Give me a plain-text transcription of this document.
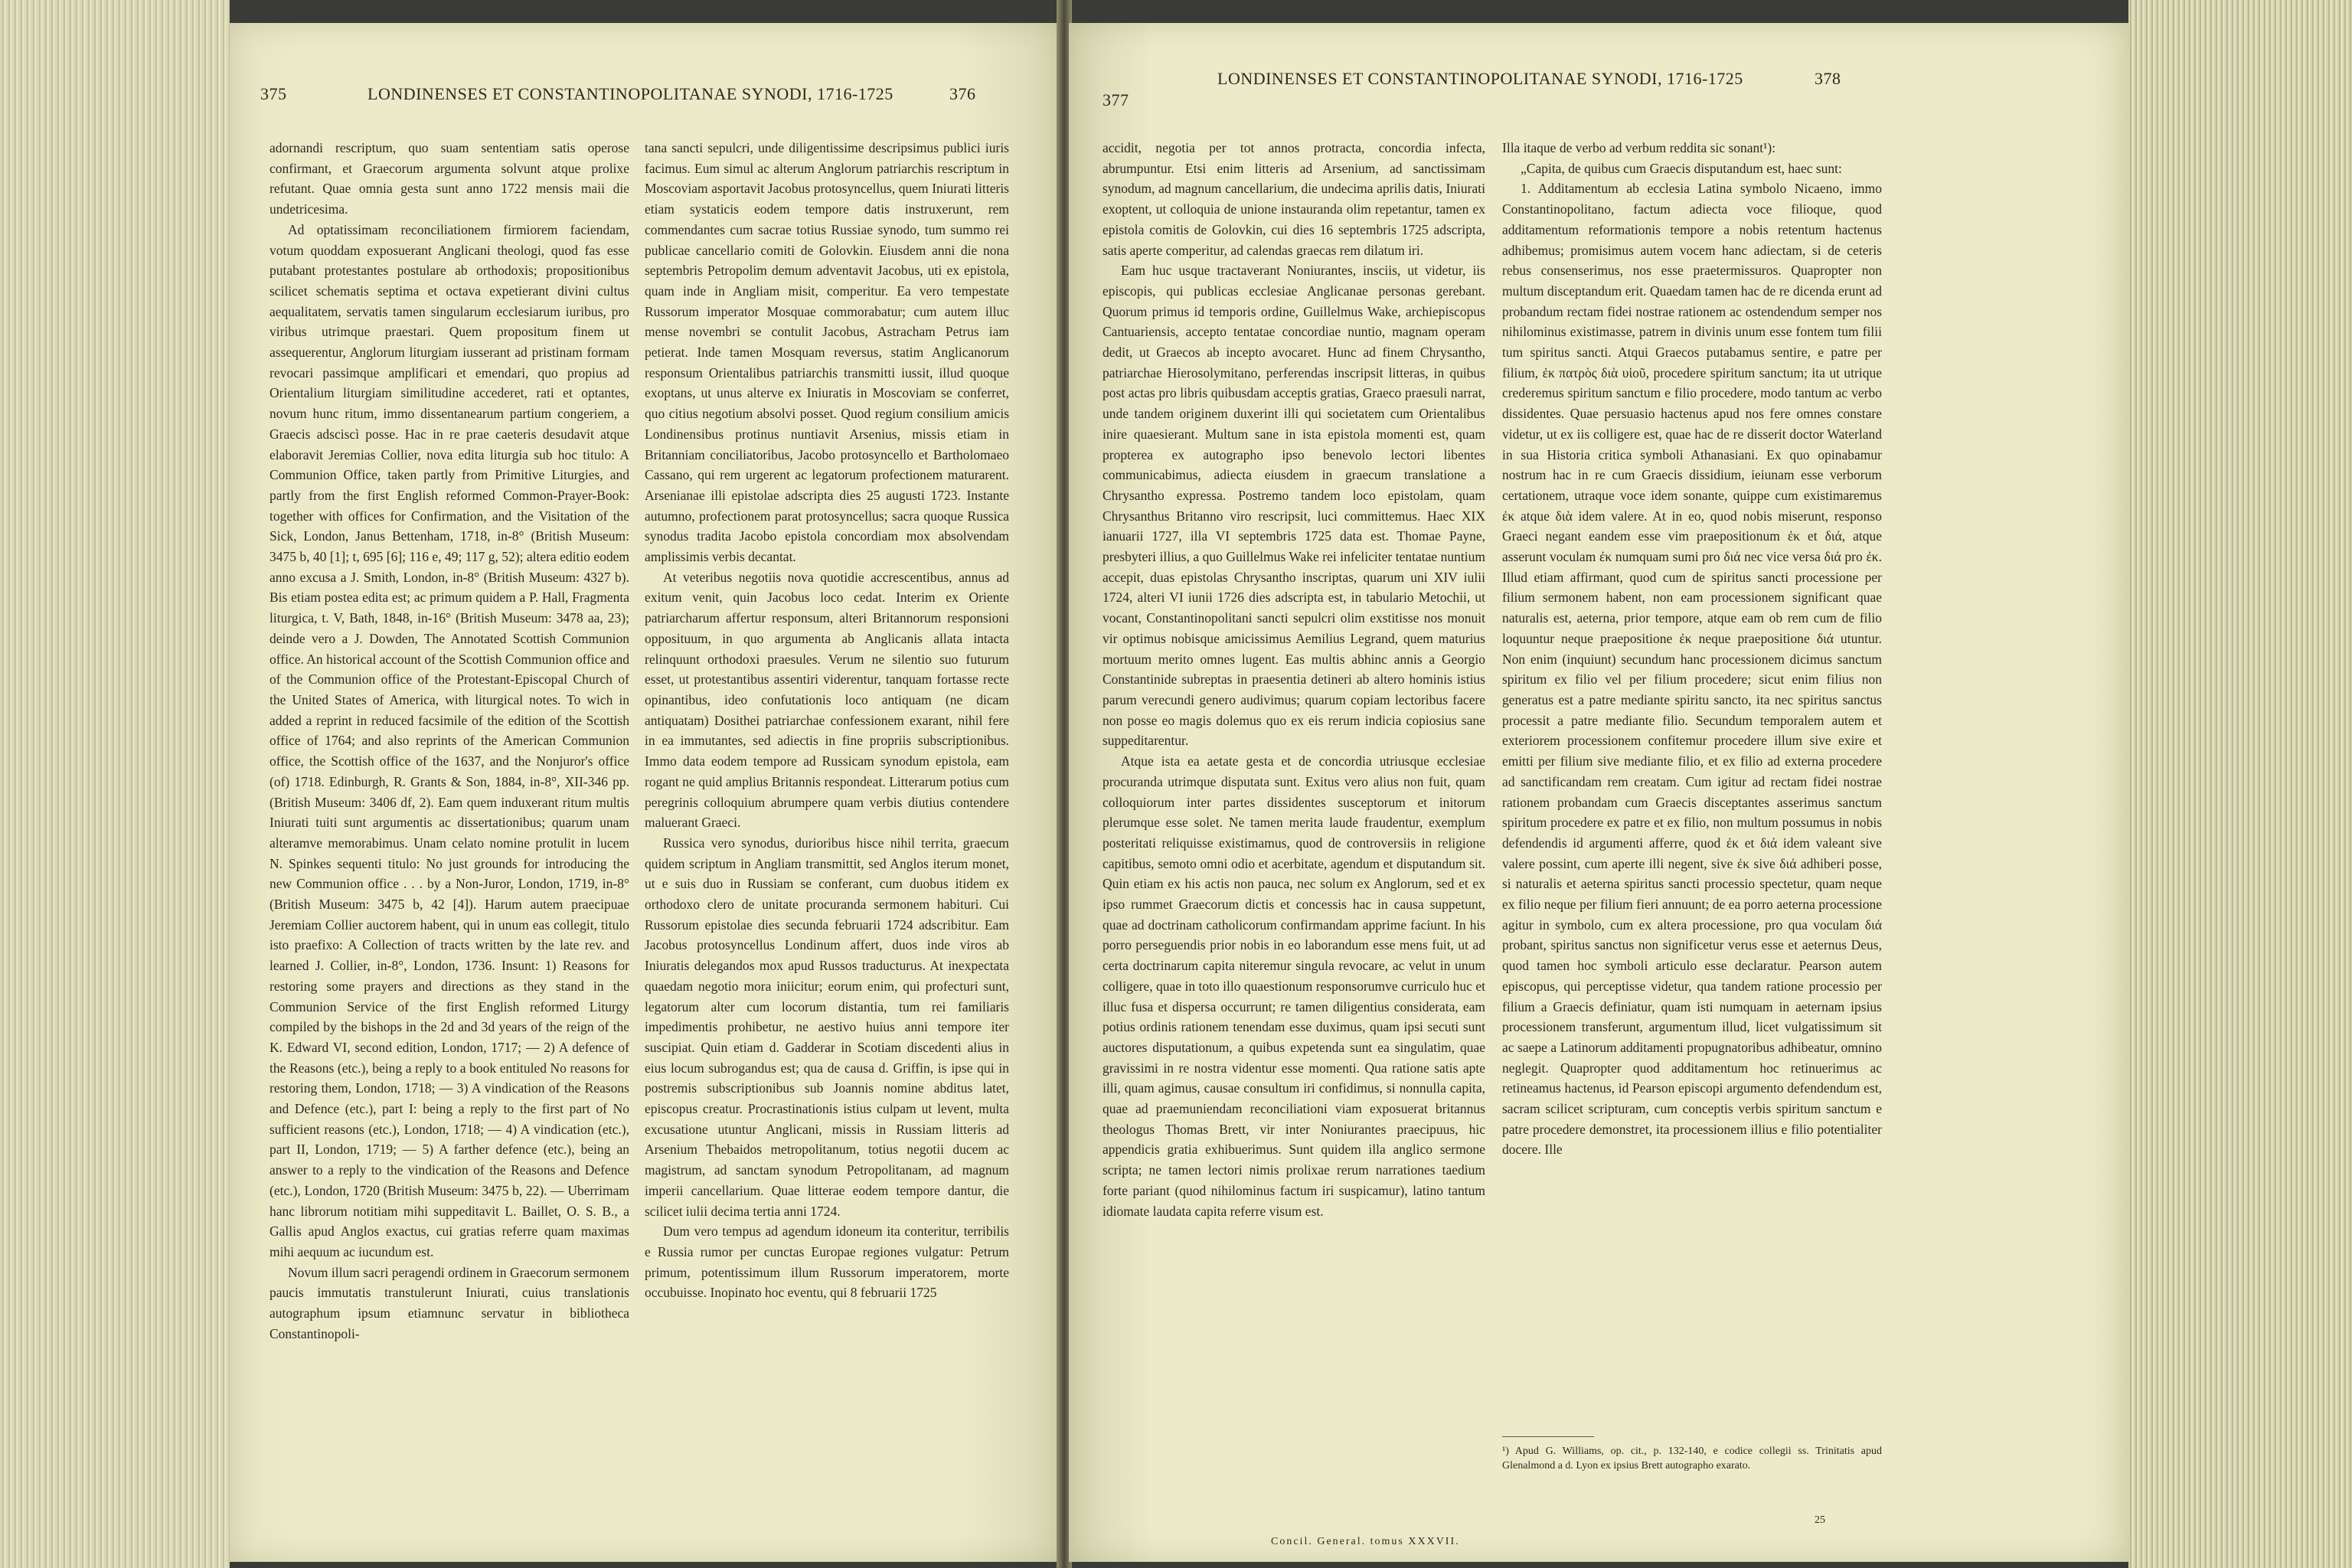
375	LONDINENSES ET CONSTANTINOPOLITANAE SYNODI, 1716-1725	376

adornandi rescriptum, quo suam sententiam satis operose confirmant, et Graecorum argumenta solvunt atque prolixe refutant. Quae omnia gesta sunt anno 1722 mensis maii die undetricesima.

Ad optatissimam reconciliationem firmiorem faciendam, votum quoddam exposuerant Anglicani theologi, quod fas esse putabant protestantes postulare ab orthodoxis; propositionibus scilicet schematis septima et octava expetierant divini cultus aequalitatem, servatis tamen singularum ecclesiarum iuribus, pro viribus utrimque praestari. Quem propositum finem ut assequerentur, Anglorum liturgiam iusserant ad pristinam formam revocari passimque amplificari et emendari, quo propius ad Orientalium liturgiam similitudine accederet, rati et optantes, novum hunc ritum, immo dissentanearum partium congeriem, a Graecis adsciscì posse. Hac in re prae caeteris desudavit atque elaboravit Jeremias Collier, nova edita liturgia sub hoc titulo: A Communion Office, taken partly from Primitive Liturgies, and partly from the first English reformed Common-Prayer-Book: together with offices for Confirmation, and the Visitation of the Sick, London, Janus Bettenham, 1718, in-8° (British Museum: 3475 b, 40 [1]; t, 695 [6]; 116 e, 49; 117 g, 52); altera editio eodem anno excusa a J. Smith, London, in-8° (British Museum: 4327 b). Bis etiam postea edita est; ac primum quidem a P. Hall, Fragmenta liturgica, t. V, Bath, 1848, in-16° (British Museum: 3478 aa, 23); deinde vero a J. Dowden, The Annotated Scottish Communion office. An historical account of the Scottish Communion office and of the Communion office of the Protestant-Episcopal Church of the United States of America, with liturgical notes. To wich in added a reprint in reduced facsimile of the edition of the Scottish office of 1764; and also reprints of the American Communion office, the Scottish office of the 1637, and the Nonjuror's office (of) 1718. Edinburgh, R. Grants & Son, 1884, in-8°, XII-346 pp. (British Museum: 3406 df, 2). Eam quem induxerant ritum multis Iniurati tuiti sunt argumentis ac dissertationibus; quarum unam alteramve memorabimus. Unam celato nomine protulit in lucem N. Spinkes sequenti titulo: No just grounds for introducing the new Communion office . . . by a Non-Juror, London, 1719, in-8° (British Museum: 3475 b, 42 [4]). Harum autem praecipuae Jeremiam Collier auctorem habent, qui in unum eas collegit, titulo isto praefixo: A Collection of tracts written by the late rev. and learned J. Collier, in-8°, London, 1736. Insunt: 1) Reasons for restoring some prayers and directions as they stand in the Communion Service of the first English reformed Liturgy compiled by the bishops in the 2d and 3d years of the reign of the K. Edward VI, second edition, London, 1717; — 2) A defence of the Reasons (etc.), being a reply to a book entituled No reasons for restoring them, London, 1718; — 3) A vindication of the Reasons and Defence (etc.), part I: being a reply to the first part of No sufficient reasons (etc.), London, 1718; — 4) A vindication (etc.), part II, London, 1719; — 5) A farther defence (etc.), being an answer to a reply to the vindication of the Reasons and Defence (etc.), London, 1720 (British Museum: 3475 b, 22). — Uberrimam hanc librorum notitiam mihi suppeditavit L. Baillet, O. S. B., a Gallis apud Anglos exactus, cui gratias referre quam maximas mihi aequum ac iucundum est.

Novum illum sacri peragendi ordinem in Graecorum sermonem paucis immutatis transtulerunt Iniurati, cuius translationis autographum ipsum etiamnunc servatur in bibliotheca Constantinopoli-

tana sancti sepulcri, unde diligentissime descripsimus publici iuris facimus. Eum simul ac alterum Anglorum patriarchis rescriptum in Moscoviam asportavit Jacobus protosyncellus, quem Iniurati litteris etiam systaticis eodem tempore datis instruxerunt, rem commendantes cum sacrae totius Russiae synodo, tum summo rei publicae cancellario comiti de Golovkin. Eiusdem anni die nona septembris Petropolim demum adventavit Jacobus, uti ex epistola, quam inde in Angliam misit, comperitur. Ea vero tempestate Russorum imperator Mosquae commorabatur; cum autem illuc mense novembri se contulit Jacobus, Astracham Petrus iam petierat. Inde tamen Mosquam reversus, statim Anglicanorum responsum Orientalibus patriarchis transmitti iussit, illud quoque exoptans, ut unus alterve ex Iniuratis in Moscoviam se conferret, quo citius negotium absolvi posset. Quod regium consilium amicis Londinensibus protinus nuntiavit Arsenius, missis etiam in Britanniam conciliatoribus, Jacobo protosyncello et Bartholomaeo Cassano, qui rem urgerent ac legatorum profectionem maturarent. Arsenianae illi epistolae adscripta dies 25 augusti 1723. Instante autumno, profectionem parat protosyncellus; sacra quoque Russica synodus tradita Jacobo epistola concordiam mox absolvendam amplissimis verbis decantat.

At veteribus negotiis nova quotidie accrescentibus, annus ad exitum venit, quin Jacobus loco cedat. Interim ex Oriente patriarcharum affertur responsum, alteri Britannorum responsioni opposituum, in quo argumenta ab Anglicanis allata intacta relinquunt orthodoxi praesules. Verum ne silentio suo futurum esset, ut protestantibus assentiri viderentur, tanquam fortasse recte opinantibus, ideo confutationis loco antiquam (ne dicam antiquatam) Dosithei patriarchae confessionem exarant, nihil fere in ea immutantes, sed adiectis in fine propriis subscriptionibus. Immo data eodem tempore ad Russicam synodum epistola, eam rogant ne quid amplius Britannis respondeat. Litterarum potius cum peregrinis colloquium abrumpere quam verbis diutius contendere maluerant Graeci.

Russica vero synodus, durioribus hisce nihil territa, graecum quidem scriptum in Angliam transmittit, sed Anglos iterum monet, ut e suis duo in Russiam se conferant, cum duobus itidem ex orthodoxo clero de unitate procuranda sermonem habituri. Cui Russorum epistolae dies secunda februarii 1724 adscribitur. Eam Jacobus protosyncellus Londinum affert, duos inde viros ab Iniuratis delegandos mox apud Russos traducturus. At inexpectata quaedam negotio mora iniicitur; eorum enim, qui profecturi sunt, legatorum alter cum locorum distantia, tum rei familiaris impedimentis prohibetur, ne aestivo huius anni tempore iter suscipiat. Quin etiam d. Gadderar in Scotiam discedenti alius in eius locum subrogandus est; qua de causa d. Griffin, is ipse qui in postremis subscriptionibus sub Joannis nomine abditus latet, episcopus creatur. Procrastinationis istius culpam ut levent, multa excusatione utuntur Anglicani, missis in Russiam litteris ad Arsenium Thebaidos metropolitanum, totius negotii ducem ac magistrum, ad sanctam synodum Petropolitanam, ad magnum imperii cancellarium. Quae litterae eodem tempore dantur, die scilicet iulii decima tertia anni 1724.

Dum vero tempus ad agendum idoneum ita conteritur, terribilis e Russia rumor per cunctas Europae regiones vulgatur: Petrum primum, potentissimum illum Russorum imperatorem, morte occubuisse. Inopinato hoc eventu, qui 8 februarii 1725

377
LONDINENSES ET CONSTANTINOPOLITANAE SYNODI, 1716-1725	378

accidit, negotia per tot annos protracta, concordia infecta, abrumpuntur. Etsi enim litteris ad Arsenium, ad sanctissimam synodum, ad magnum cancellarium, die undecima aprilis datis, Iniurati exoptent, ut colloquia de unione instauranda olim repetantur, tamen ex epistola comitis de Golovkin, cui dies 16 septembris 1725 adscripta, satis aperte comperitur, ad calendas graecas rem dilatum iri.

Eam huc usque tractaverant Noniurantes, insciis, ut videtur, iis episcopis, qui publicas ecclesiae Anglicanae personas gerebant. Quorum primus id temporis ordine, Guillelmus Wake, archiepiscopus Cantuariensis, accepto tentatae concordiae nuntio, magnam operam dedit, ut Graecos ab incepto avocaret. Hunc ad finem Chrysantho, patriarchae Hierosolymitano, perferendas inscripsit litteras, in quibus post actas pro libris quibusdam acceptis gratias, Graeco praesuli narrat, unde tandem originem duxerint illi qui societatem cum Orientalibus inire quaesierant. Multum sane in ista epistola momenti est, quam propterea ex autographo ipso benevolo lectori libentes communicabimus, adiecta eiusdem in graecum translatione a Chrysantho expressa. Postremo tandem loco epistolam, quam Chrysanthus Britanno viro rescripsit, luci committemus. Haec XIX ianuarii 1727, illa VI septembris 1725 data est. Thomae Payne, presbyteri illius, a quo Guillelmus Wake rei infeliciter tentatae nuntium accepit, duas epistolas Chrysantho inscriptas, quarum uni XIV iulii 1724, alteri VI iunii 1726 dies adscripta est, in tabulario Metochii, ut vocant, Constantinopolitani sancti sepulcri olim exstitisse nos monuit vir optimus nobisque amicissimus Aemilius Legrand, quem maturius mortuum merito omnes lugent. Eas multis abhinc annis a Georgio Constantinide subreptas in praesentia detineri ab altero hominis istius parum verecundi genero audivimus; quarum copiam lectoribus facere non posse eo magis dolemus quo ex eis rerum indicia copiosius sane suppeditarentur.

Atque ista ea aetate gesta et de concordia utriusque ecclesiae procuranda utrimque disputata sunt. Exitus vero alius non fuit, quam colloquiorum inter partes dissidentes susceptorum et initorum plerumque esse solet. Ne tamen merita laude fraudentur, exemplum posteritati reliquisse existimamus, quod de controversiis in religione capitibus, semoto omni odio et acerbitate, agendum et disputandum sit. Quin etiam ex his actis non pauca, nec solum ex Anglorum, sed et ex ipso rummet Graecorum dictis et concessis hac in causa suppetunt, quae ad doctrinam catholicorum confirmandam apprime faciunt. In his porro perseguendis prior nobis in eo laborandum esse mens fuit, ut ad certa doctrinarum capita niteremur singula revocare, ac velut in unum colligere, quae in toto illo quaestionum responsorumve curriculo huc et illuc fusa et dispersa occurrunt; re tamen diligentius considerata, eam potius ordinis rationem tenendam esse duximus, quam ipsi secuti sunt auctores disputationum, a quibus expetenda sunt ea singulatim, quae gravissimi in re nostra videntur esse momenti. Qua ratione satis apte illi, quam agimus, causae consultum iri confidimus, si nonnulla capita, quae ad praemuniendam reconciliationi viam exposuerat britannus theologus Thomas Brett, vir inter Noniurantes praecipuus, hic appendicis gratia exhibuerimus. Sunt quidem illa anglico sermone scripta; ne tamen lectori nimis prolixae rerum narrationes taedium forte pariant (quod nihilominus factum iri suspicamur), latino tantum idiomate laudata capita referre visum est.

Illa itaque de verbo ad verbum reddita sic sonant¹):

„Capita, de quibus cum Graecis disputandum est, haec sunt:

1. Additamentum ab ecclesia Latina symbolo Nicaeno, immo Constantinopolitano, factum adiecta voce filioque, quod additamentum reformationis tempore a nobis retentum hactenus adhibemus; promisimus autem vocem hanc adiectam, si de ceteris rebus consenserimus, nos esse praetermissuros. Quapropter non multum disceptandum erit. Quaedam tamen hac de re dicenda erunt ad probandum rectam fidei nostrae rationem ac ostendendum semper nos nihilominus existimasse, patrem in divinis unum esse fontem tum filii tum spiritus sancti. Atqui Graecos putabamus sentire, e patre per filium, ἐκ πατρὸς διὰ υἱοῦ, procedere spiritum sanctum; ita ut utrique crederemus spiritum sanctum e filio procedere, modo tantum ac verbo dissidentes. Quae persuasio hactenus apud nos fere omnes constare videtur, ut ex iis colligere est, quae hac de re disserit doctor Waterland in sua Historia critica symboli Athanasiani. Ex quo opinabamur nostrum hac in re cum Graecis dissidium, ieiunam esse verborum certationem, utraque voce idem sonante, quippe cum existimaremus ἐκ atque διὰ idem valere. At in eo, quod nobis miserunt, responso Graeci negant eandem esse vim praepositionum ἐκ et διά, atque asserunt voculam ἐκ numquam sumi pro διά nec vice versa διά pro ἐκ. Illud etiam affirmant, quod cum de spiritus sancti processione per filium sermonem habent, non eam processionem significant quae naturalis est, aeterna, prior tempore, atque eam ob rem cum de filio loquuntur neque praepositione ἐκ neque praepositione διά utuntur. Non enim (inquiunt) secundum hanc processionem dicimus sanctum spiritum ex filio vel per filium procedere; sicut enim filius non generatus est a patre mediante spiritu sancto, ita nec spiritus sanctus processit a patre mediante filio. Secundum temporalem autem et exteriorem processionem confitemur procedere illum sive exire et emitti per filium sive mediante filio, et ex filio ad externa procedere ad sanctificandam rem creatam. Cum igitur ad rectam fidei nostrae rationem probandam cum Graecis disceptantes asserimus sanctum spiritum procedere ex patre et ex filio, non multum possumus in nobis defendendis id argumenti afferre, quod ἐκ et διά idem valeant sive valere possint, cum aperte illi negent, sive ἐκ sive διά adhiberi posse, si naturalis et aeterna spiritus sancti processio spectetur, quam neque ex filio neque per filium fieri annuunt; de ea porro aeterna processione agitur in symbolo, cum ex altera processione, pro qua voculam διά probant, spiritus sanctus non significetur verus esse et aeternus Deus, quod tamen hoc symboli articulo esse declaratur. Pearson autem episcopus, qui perceptisse videtur, qua tandem ratione processio per filium a Graecis definiatur, quam isti numquam in aeternam ipsius processionem transferunt, argumentum illud, licet vulgatissimum sit ac saepe a Latinorum additamenti propugnatoribus adhibeatur, omnino neglegit. Quapropter quod additamentum hoc retinuerimus ac retineamus hactenus, id Pearson episcopi argumento defendendum est, sacram scilicet scripturam, cum conceptis verbis spiritum sanctum e patre procedere demonstret, ita processionem illius e filio potentialiter docere. Ille

¹) Apud G. Williams, op. cit., p. 132-140, e codice collegii ss. Trinitatis apud Glenalmond a d. Lyon ex ipsius Brett autographo exarato.
Concil. General. tomus XXXVII.
25
